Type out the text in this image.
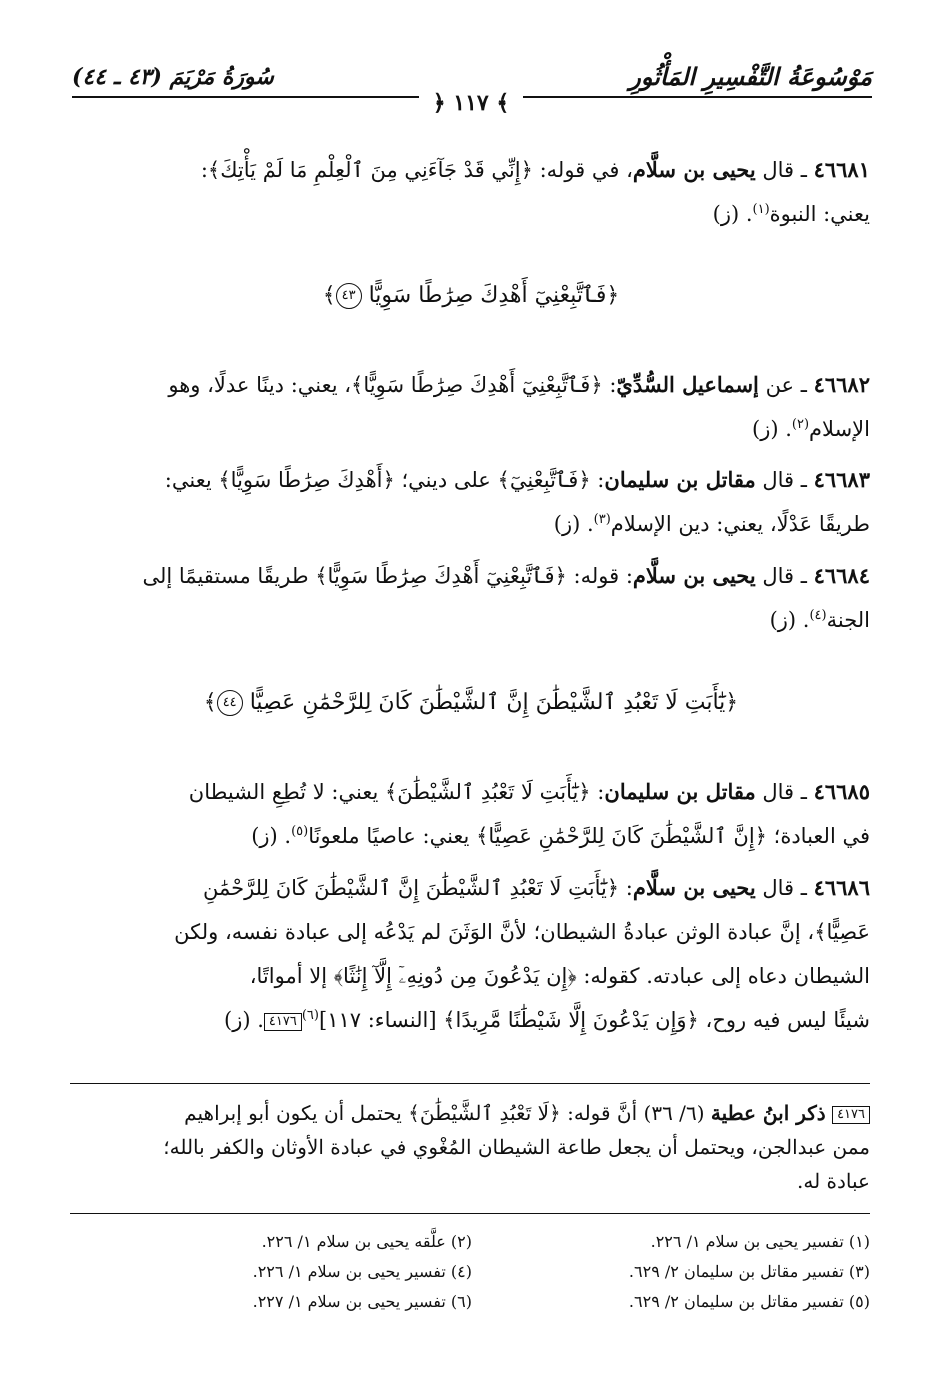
مَوْسُوعَةُ التَّفْسِيرِ المَأْثُورِ
سُورَةُ مَرْيَمَ (٤٣ ـ ٤٤)
﴿ ١١٧ ﴾
٤٦٦٨١ ـ قال يحيى بن سلَّام، في قوله: ﴿إِنِّي قَدْ جَآءَنِي مِنَ ٱلْعِلْمِ مَا لَمْ يَأْتِكَ﴾:
يعني: النبوة$^{(١)}$. (ز)
﴿فَٱتَّبِعْنِيٓ أَهْدِكَ صِرَٰطًا سَوِيًّا ٤٣﴾
٤٦٦٨٢ ـ عن إسماعيل السُّدِّيّ: ﴿فَٱتَّبِعْنِيٓ أَهْدِكَ صِرَٰطًا سَوِيًّا﴾، يعني: دينًا عدلًا، وهو
الإسلام$^{(٢)}$. (ز)
٤٦٦٨٣ ـ قال مقاتل بن سليمان: ﴿فَٱتَّبِعْنِيٓ﴾ على ديني؛ ﴿أَهْدِكَ صِرَٰطًا سَوِيًّا﴾ يعني:
طريقًا عَدْلًا، يعني: دين الإسلام$^{(٣)}$. (ز)
٤٦٦٨٤ ـ قال يحيى بن سلَّام: قوله: ﴿فَٱتَّبِعْنِيٓ أَهْدِكَ صِرَٰطًا سَوِيًّا﴾ طريقًا مستقيمًا إلى
الجنة$^{(٤)}$. (ز)
﴿يَٰٓأَبَتِ لَا تَعْبُدِ ٱلشَّيْطَٰنَ إِنَّ ٱلشَّيْطَٰنَ كَانَ لِلرَّحْمَٰنِ عَصِيًّا ٤٤﴾
٤٦٦٨٥ ـ قال مقاتل بن سليمان: ﴿يَٰٓأَبَتِ لَا تَعْبُدِ ٱلشَّيْطَٰنَ﴾ يعني: لا تُطِعِ الشيطان
في العبادة؛ ﴿إِنَّ ٱلشَّيْطَٰنَ كَانَ لِلرَّحْمَٰنِ عَصِيًّا﴾ يعني: عاصيًا ملعونًا$^{(٥)}$. (ز)
٤٦٦٨٦ ـ قال يحيى بن سلَّام: ﴿يَٰٓأَبَتِ لَا تَعْبُدِ ٱلشَّيْطَٰنَ إِنَّ ٱلشَّيْطَٰنَ كَانَ لِلرَّحْمَٰنِ
عَصِيًّا﴾، إنَّ عبادة الوثن عبادةُ الشيطان؛ لأنَّ الوَثَنَ لم يَدْعُه إلى عبادة نفسه، ولكن
الشيطان دعاه إلى عبادته. كقوله: ﴿إِن يَدْعُونَ مِن دُونِهِۦٓ إِلَّآ إِنَٰثًا﴾ إلا أمواتًا،
شيئًا ليس فيه روح، ﴿وَإِن يَدْعُونَ إِلَّا شَيْطَٰنًا مَّرِيدًا﴾ [النساء: ١١٧]$^{(٦)}$٤١٧٦. (ز)
٤١٧٦ ذكر ابنُ عطية (٦/ ٣٦) أنَّ قوله: ﴿لَا تَعْبُدِ ٱلشَّيْطَٰنَ﴾ يحتمل أن يكون أبو إبراهيم
ممن عبدالجن، ويحتمل أن يجعل طاعة الشيطان المُغْوي في عبادة الأوثان والكفر بالله؛
عبادة له.
(١) تفسير يحيى بن سلام ١/ ٢٢٦.
(٣) تفسير مقاتل بن سليمان ٢/ ٦٢٩.
(٥) تفسير مقاتل بن سليمان ٢/ ٦٢٩.
(٢) علَّقه يحيى بن سلام ١/ ٢٢٦.
(٤) تفسير يحيى بن سلام ١/ ٢٢٦.
(٦) تفسير يحيى بن سلام ١/ ٢٢٧.
